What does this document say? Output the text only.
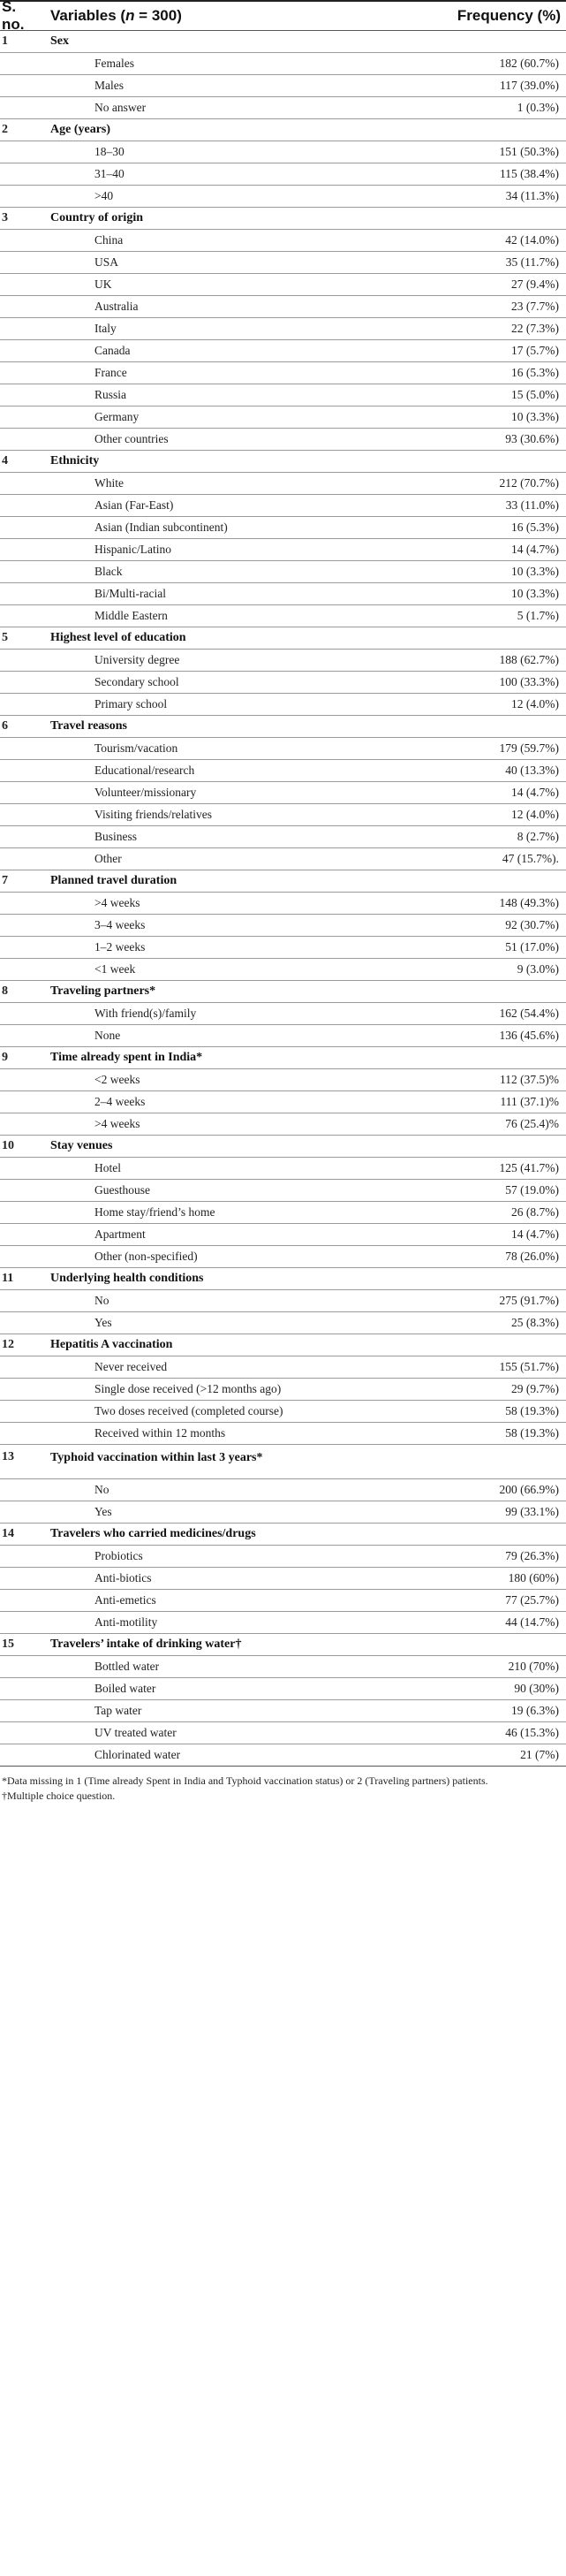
S. no.
Variables (n = 300)	Frequency (%)
1	Sex
Females	182 (60.7%)
Males	117 (39.0%)
No answer	1 (0.3%)
2	Age (years)
18–30	151 (50.3%)
31–40	115 (38.4%)
>40	34 (11.3%)
3	Country of origin
China	42 (14.0%)
USA	35 (11.7%)
UK	27 (9.4%)
Australia	23 (7.7%)
Italy	22 (7.3%)
Canada	17 (5.7%)
France	16 (5.3%)
Russia	15 (5.0%)
Germany	10 (3.3%)
Other countries	93 (30.6%)
4	Ethnicity
White	212 (70.7%)
Asian (Far-East)	33 (11.0%)
Asian (Indian subcontinent)	16 (5.3%)
Hispanic/Latino	14 (4.7%)
Black	10 (3.3%)
Bi/Multi-racial	10 (3.3%)
Middle Eastern	5 (1.7%)
5	Highest level of education
University degree	188 (62.7%)
Secondary school	100 (33.3%)
Primary school	12 (4.0%)
6	Travel reasons
Tourism/vacation	179 (59.7%)
Educational/research	40 (13.3%)
Volunteer/missionary	14 (4.7%)
Visiting friends/relatives	12 (4.0%)
Business	8 (2.7%)
Other	47 (15.7%).
7	Planned travel duration
>4 weeks	148 (49.3%)
3–4 weeks	92 (30.7%)
1–2 weeks	51 (17.0%)
<1 week	9 (3.0%)
8	Traveling partners*
With friend(s)/family	162 (54.4%)
None	136 (45.6%)
9	Time already spent in India*
<2 weeks	112 (37.5)%
2–4 weeks	111 (37.1)%
>4 weeks	76 (25.4)%
10	Stay venues
Hotel	125 (41.7%)
Guesthouse	57 (19.0%)
Home stay/friend’s home	26 (8.7%)
Apartment	14 (4.7%)
Other (non-specified)	78 (26.0%)
11	Underlying health conditions
No	275 (91.7%)
Yes	25 (8.3%)
12	Hepatitis A vaccination
Never received	155 (51.7%)
Single dose received (>12 months ago)	29 (9.7%)
Two doses received (completed course)	58 (19.3%)
Received within 12 months	58 (19.3%)
13	Typhoid vaccination within last 3 years*
No	200 (66.9%)
Yes	99 (33.1%)
14	Travelers who carried medicines/drugs
Probiotics	79 (26.3%)
Anti-biotics	180 (60%)
Anti-emetics	77 (25.7%)
Anti-motility	44 (14.7%)
15	Travelers’ intake of drinking water†
Bottled water	210 (70%)
Boiled water	90 (30%)
Tap water	19 (6.3%)
UV treated water	46 (15.3%)
Chlorinated water	21 (7%)
*Data missing in 1 (Time already Spent in India and Typhoid vaccination status) or 2 (Traveling partners) patients.
†Multiple choice question.
